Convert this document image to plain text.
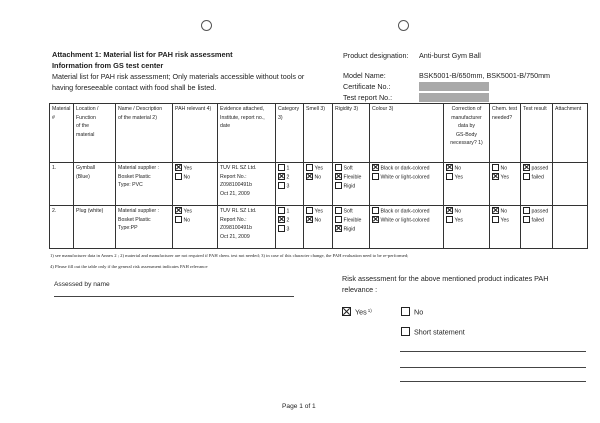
Attachment 1: Material list for PAH risk assessment
Information from GS test center
Material list for PAH risk assessment; Only materials accessible without tools or
having foreseeable contact with food shall be listed.
Product designation: Anti-burst Gym Ball
Model Name:	BSK5001-B/650mm, BSK5001-B/750mm
Certificate No.:
Test report No.:
Material
#	Location /
Function
of the
material	Name / Description
of the material 2)	PAH relevant 4)	Evidence attached,
Institute, report no.,
date	Category
3)	Smell 3)	Rigidity 3)	Colour 3)	Correction of
manufacturer
data by
GS-Body
necessary? 1)	Chem. test
needed?	Test result	Attachment

1.	Gymball
(Blue)	Material supplier :
Bosket Plastic
Type: PVC	Yes
No	TUV RL SZ Ltd.
Report No.:
Z098100491b
Oct 21, 2009	1
2
3	Yes
No	Soft
Flexible
Rigid	Black or dark-colored
White or light-colored	No
Yes	No
Yes	passed
failed	

2.	Plug (white)	Material supplier :
Bosket Plastic
Type:PP	Yes
No	TUV RL SZ Ltd.
Report No.:
Z098100491b
Oct 21, 2009	1
2
3	Yes
No	Soft
Flexible
Rigid	Black or dark-colored
White or light-colored	No
Yes	No
Yes	passed
failed	

1) see manufacturer data in Annex 2 ; 2) material and manufacturer are not required if PAH chem. test not needed; 3) in case of this character change, the PAH evaluation need to be re-performed;
4) Please fill out the table only if the general risk assessment indicates PAH relevance
Assessed by name
Risk assessment for the above mentioned product indicates PAH
relevance :
Yes$^{1)}$	No
Short statement
Page 1 of 1
